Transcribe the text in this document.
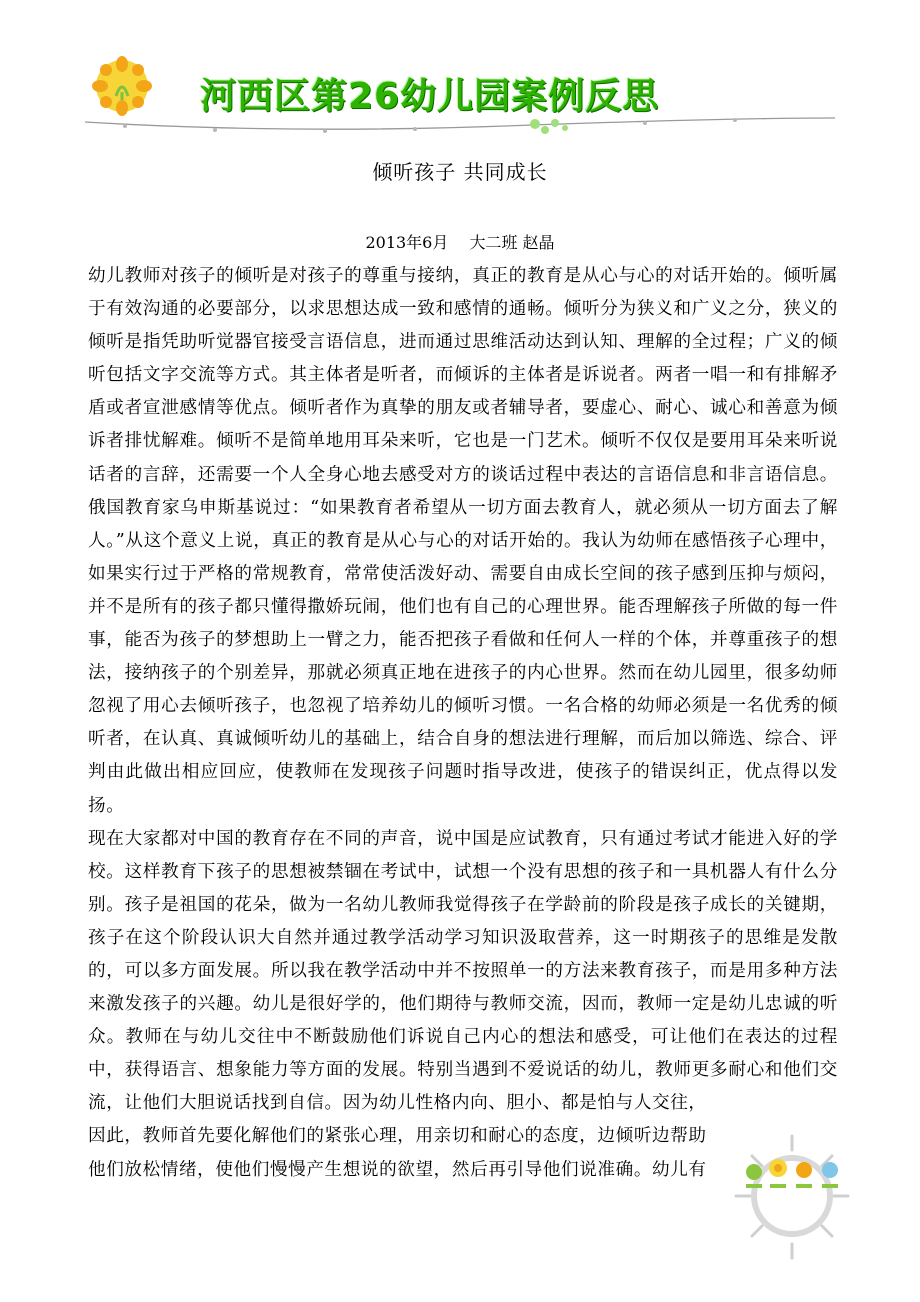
河西区第26幼儿园案例反思
倾听孩子 共同成长
2013年6月　 大二班 赵晶

幼儿教师对孩子的倾听是对孩子的尊重与接纳，真正的教育是从心与心的对话开始的。倾听属于有效沟通的必要部分，以求思想达成一致和感情的通畅。倾听分为狭义和广义之分，狭义的倾听是指凭助听觉器官接受言语信息，进而通过思维活动达到认知、理解的全过程；广义的倾听包括文字交流等方式。其主体者是听者，而倾诉的主体者是诉说者。两者一唱一和有排解矛盾或者宣泄感情等优点。倾听者作为真挚的朋友或者辅导者，要虚心、耐心、诚心和善意为倾诉者排忧解难。倾听不是简单地用耳朵来听，它也是一门艺术。倾听不仅仅是要用耳朵来听说话者的言辞，还需要一个人全身心地去感受对方的谈话过程中表达的言语信息和非言语信息。俄国教育家乌申斯基说过：“如果教育者希望从一切方面去教育人，就必须从一切方面去了解人。”从这个意义上说，真正的教育是从心与心的对话开始的。我认为幼师在感悟孩子心理中，如果实行过于严格的常规教育，常常使活泼好动、需要自由成长空间的孩子感到压抑与烦闷，并不是所有的孩子都只懂得撒娇玩闹，他们也有自己的心理世界。能否理解孩子所做的每一件事，能否为孩子的梦想助上一臂之力，能否把孩子看做和任何人一样的个体，并尊重孩子的想法，接纳孩子的个别差异，那就必须真正地在进孩子的内心世界。然而在幼儿园里，很多幼师忽视了用心去倾听孩子，也忽视了培养幼儿的倾听习惯。一名合格的幼师必须是一名优秀的倾听者，在认真、真诚倾听幼儿的基础上，结合自身的想法进行理解，而后加以筛选、综合、评判由此做出相应回应，使教师在发现孩子问题时指导改进，使孩子的错误纠正，优点得以发扬。

现在大家都对中国的教育存在不同的声音，说中国是应试教育，只有通过考试才能进入好的学校。这样教育下孩子的思想被禁锢在考试中，试想一个没有思想的孩子和一具机器人有什么分别。孩子是祖国的花朵，做为一名幼儿教师我觉得孩子在学龄前的阶段是孩子成长的关键期，孩子在这个阶段认识大自然并通过教学活动学习知识汲取营养，这一时期孩子的思维是发散的，可以多方面发展。所以我在教学活动中并不按照单一的方法来教育孩子，而是用多种方法来激发孩子的兴趣。幼儿是很好学的，他们期待与教师交流，因而，教师一定是幼儿忠诚的听众。教师在与幼儿交往中不断鼓励他们诉说自己内心的想法和感受，可让他们在表达的过程中，获得语言、想象能力等方面的发展。特别当遇到不爱说话的幼儿，教师更多耐心和他们交流，让他们大胆说话找到自信。因为幼儿性格内向、胆小、都是怕与人交往，

因此，教师首先要化解他们的紧张心理，用亲切和耐心的态度，边倾听边帮助他们放松情绪，使他们慢慢产生想说的欲望，然后再引导他们说准确。幼儿有
